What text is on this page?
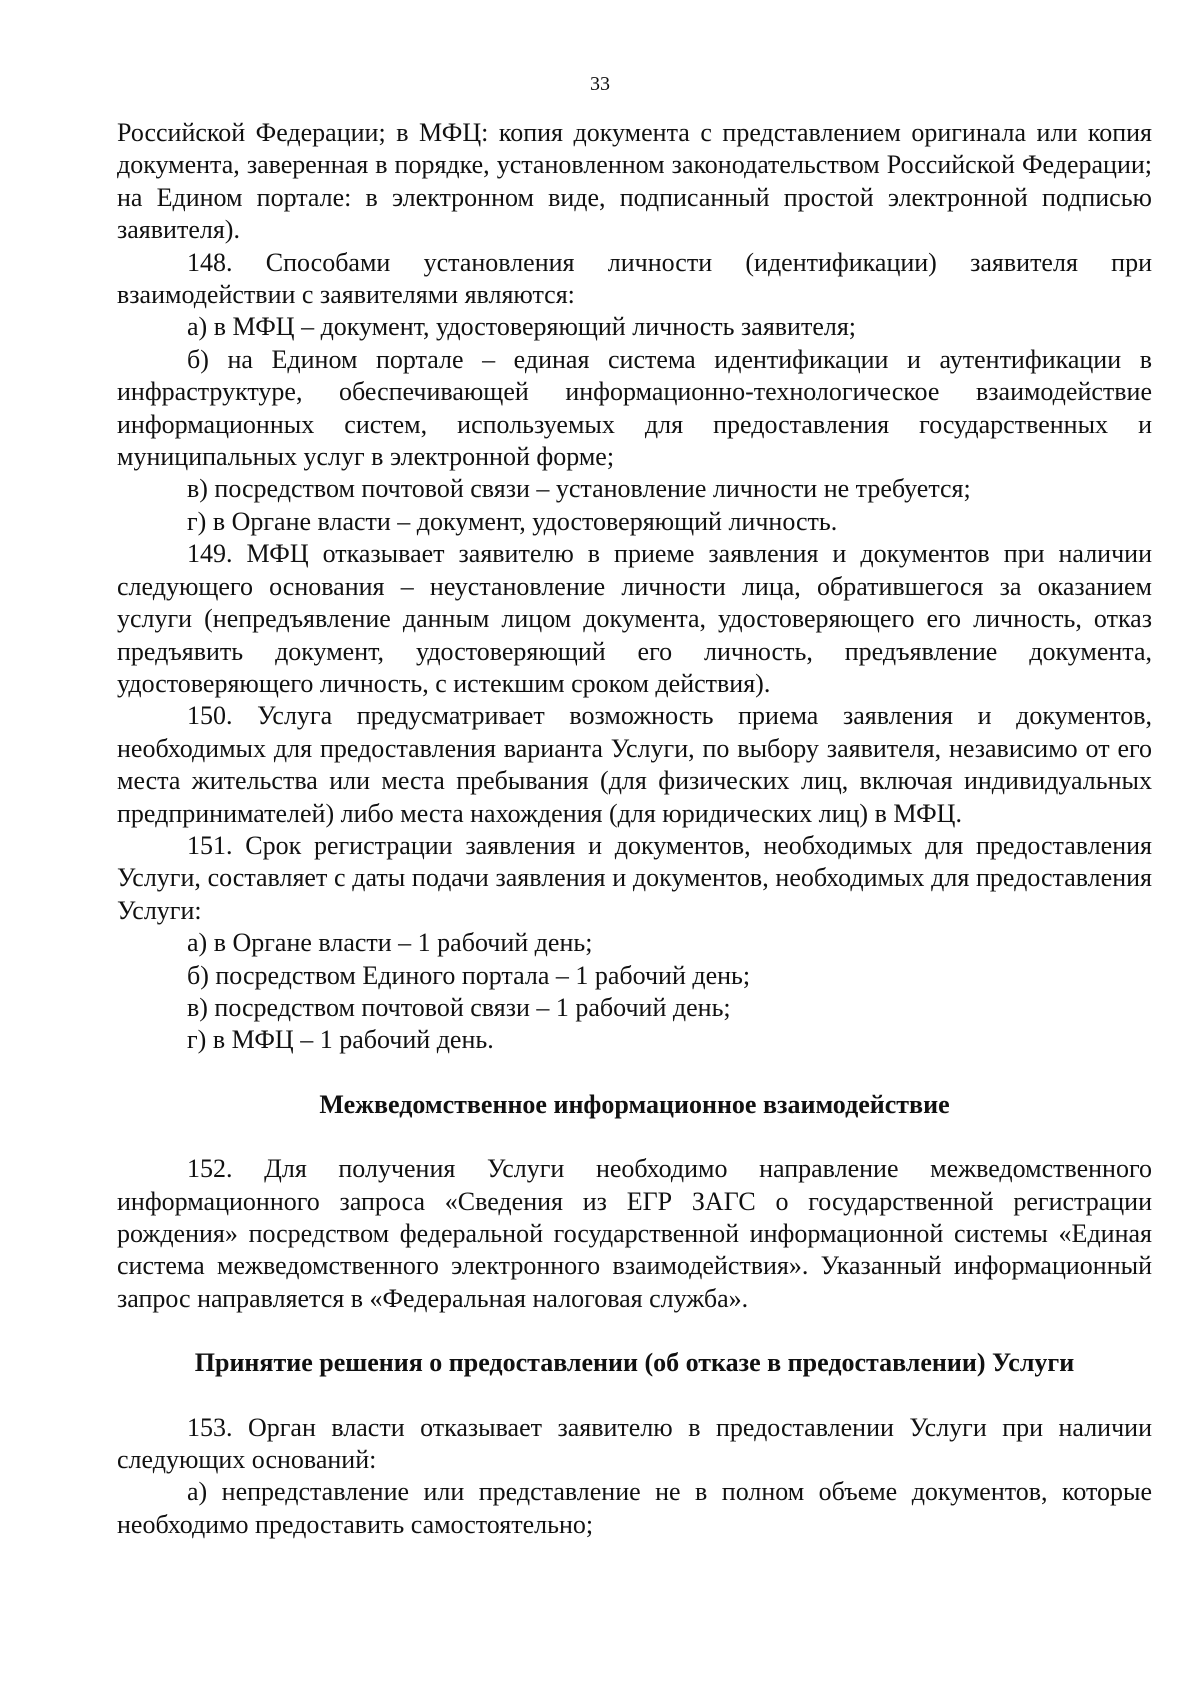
33

Российской Федерации; в МФЦ: копия документа с представлением оригинала или копия документа, заверенная в порядке, установленном законодательством Российской Федерации; на Едином портале: в электронном виде, подписанный простой электронной подписью заявителя).

148. Способами установления личности (идентификации) заявителя при взаимодействии с заявителями являются:

а) в МФЦ – документ, удостоверяющий личность заявителя;

б) на Едином портале – единая система идентификации и аутентификации в инфраструктуре, обеспечивающей информационно-технологическое взаимодействие информационных систем, используемых для предоставления государственных и муниципальных услуг в электронной форме;

в) посредством почтовой связи – установление личности не требуется;

г) в Органе власти – документ, удостоверяющий личность.

149. МФЦ отказывает заявителю в приеме заявления и документов при наличии следующего основания – неустановление личности лица, обратившегося за оказанием услуги (непредъявление данным лицом документа, удостоверяющего его личность, отказ предъявить документ, удостоверяющий его личность, предъявление документа, удостоверяющего личность, с истекшим сроком действия).

150. Услуга предусматривает возможность приема заявления и документов, необходимых для предоставления варианта Услуги, по выбору заявителя, независимо от его места жительства или места пребывания (для физических лиц, включая индивидуальных предпринимателей) либо места нахождения (для юридических лиц) в МФЦ.

151. Срок регистрации заявления и документов, необходимых для предоставления Услуги, составляет с даты подачи заявления и документов, необходимых для предоставления Услуги:

а) в Органе власти – 1 рабочий день;

б) посредством Единого портала – 1 рабочий день;

в) посредством почтовой связи – 1 рабочий день;

г) в МФЦ – 1 рабочий день.

Межведомственное информационное взаимодействие

152. Для получения Услуги необходимо направление межведомственного информационного запроса «Сведения из ЕГР ЗАГС о государственной регистрации рождения» посредством федеральной государственной информационной системы «Единая система межведомственного электронного взаимодействия». Указанный информационный запрос направляется в «Федеральная налоговая служба».

Принятие решения о предоставлении (об отказе в предоставлении) Услуги

153. Орган власти отказывает заявителю в предоставлении Услуги при наличии следующих оснований:

а) непредставление или представление не в полном объеме документов, которые необходимо предоставить самостоятельно;
